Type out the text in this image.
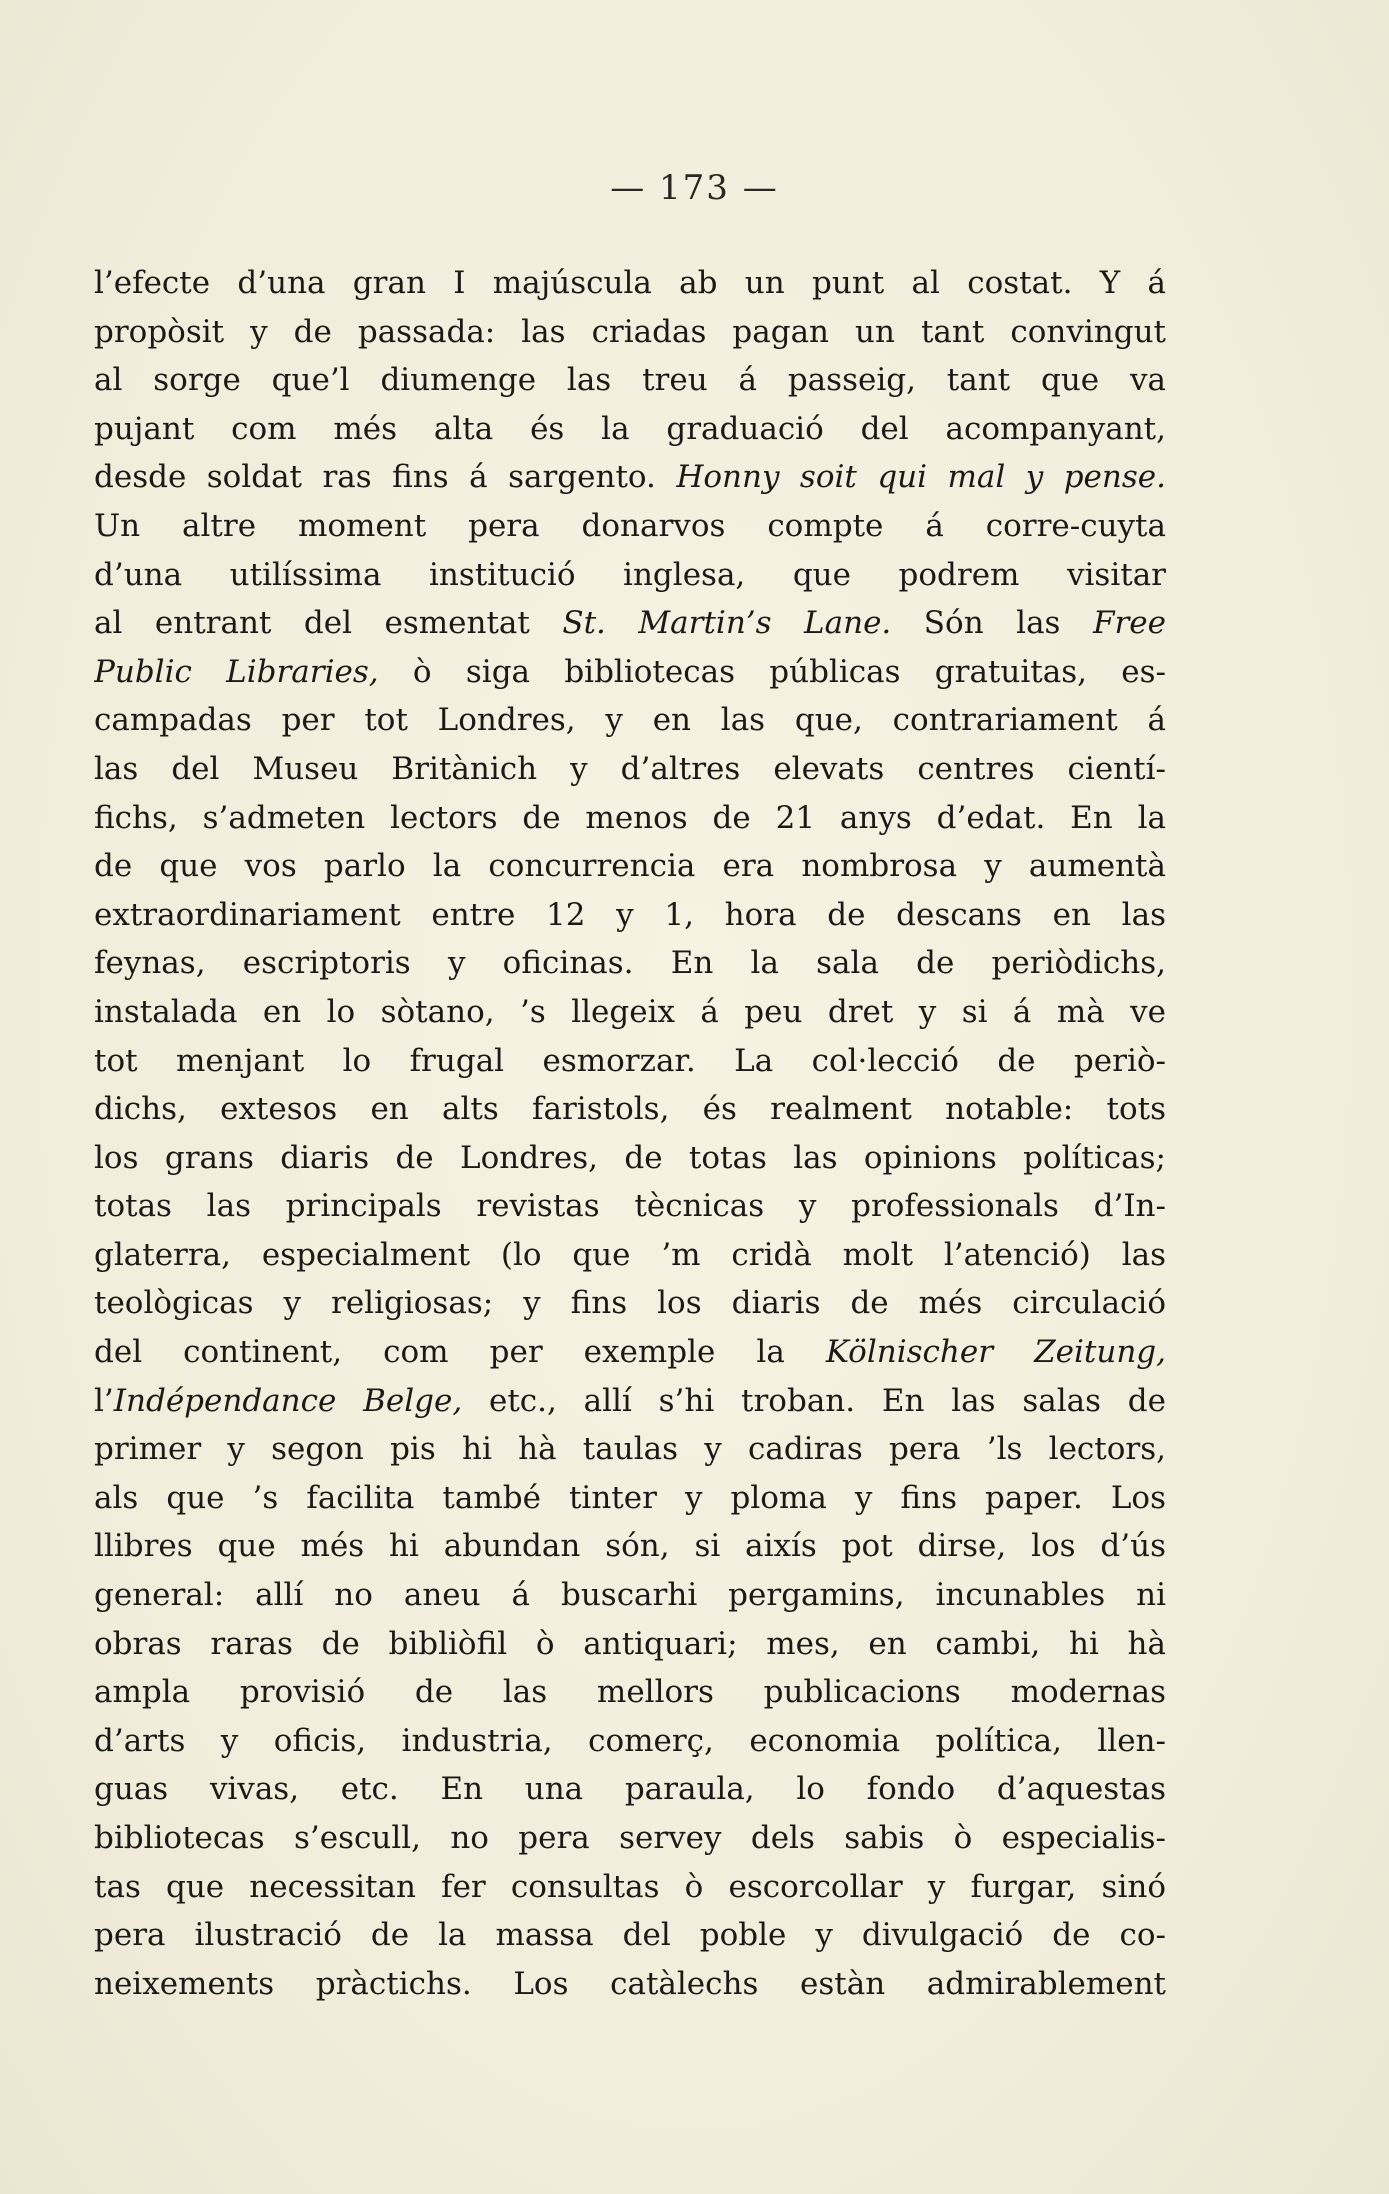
— 173 —
l’efecte d’una gran I majúscula ab un punt al costat. Y á
propòsit y de passada: las criadas pagan un tant convingut
al sorge que’l diumenge las treu á passeig, tant que va
pujant com més alta és la graduació del acompanyant,
desde soldat ras fins á sargento. Honny soit qui mal y pense.
Un altre moment pera donarvos compte á corre-cuyta
d’una utilíssima institució inglesa, que podrem visitar
al entrant del esmentat St. Martin’s Lane. Són las Free
Public Libraries, ò siga bibliotecas públicas gratuitas, es-
campadas per tot Londres, y en las que, contrariament á
las del Museu Britànich y d’altres elevats centres cientí-
fichs, s’admeten lectors de menos de 21 anys d’edat. En la
de que vos parlo la concurrencia era nombrosa y aumentà
extraordinariament entre 12 y 1, hora de descans en las
feynas, escriptoris y oficinas. En la sala de periòdichs,
instalada en lo sòtano, ’s llegeix á peu dret y si á mà ve
tot menjant lo frugal esmorzar. La col·lecció de periò-
dichs, extesos en alts faristols, és realment notable: tots
los grans diaris de Londres, de totas las opinions políticas;
totas las principals revistas tècnicas y professionals d’In-
glaterra, especialment (lo que ’m cridà molt l’atenció) las
teològicas y religiosas; y fins los diaris de més circulació
del continent, com per exemple la Kölnischer Zeitung,
l’Indépendance Belge, etc., allí s’hi troban. En las salas de
primer y segon pis hi hà taulas y cadiras pera ’ls lectors,
als que ’s facilita també tinter y ploma y fins paper. Los
llibres que més hi abundan són, si aixís pot dirse, los d’ús
general: allí no aneu á buscarhi pergamins, incunables ni
obras raras de bibliòfil ò antiquari; mes, en cambi, hi hà
ampla provisió de las mellors publicacions modernas
d’arts y oficis, industria, comerç, economia política, llen-
guas vivas, etc. En una paraula, lo fondo d’aquestas
bibliotecas s’escull, no pera servey dels sabis ò especialis-
tas que necessitan fer consultas ò escorcollar y furgar, sinó
pera ilustració de la massa del poble y divulgació de co-
neixements pràctichs. Los catàlechs estàn admirablement
